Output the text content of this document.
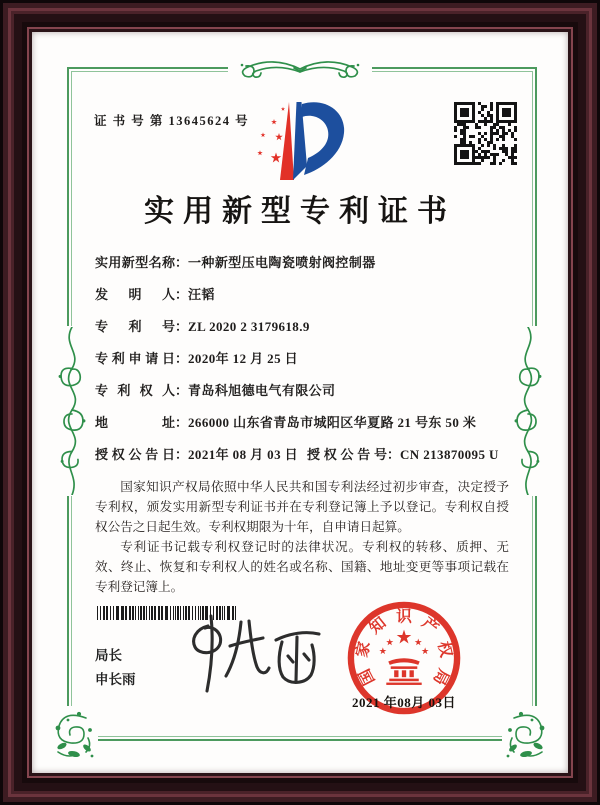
证 书 号 第 13645624 号
实用新型专利证书
实用新型名称：一种新型压电陶瓷喷射阀控制器
发明人：汪韬
专利号：ZL 2020 2 3179618.9
专利申请日：2020年 12 月 25 日
专利权人：青岛科旭德电气有限公司
地址：266000 山东省青岛市城阳区华夏路 21 号东 50 米
授权公告日：2021年 08 月 03 日 授权公告号：CN 213870095 U

国家知识产权局依照中华人民共和国专利法经过初步审查，决定授予专利权，颁发实用新型专利证书并在专利登记簿上予以登记。专利权自授权公告之日起生效。专利权期限为十年，自申请日起算。

专利证书记载专利权登记时的法律状况。专利权的转移、质押、无效、终止、恢复和专利权人的姓名或名称、国籍、地址变更等事项记载在专利登记簿上。

局长
申长雨	国
家
知 识 产
权
局
2021 年08月 03日
